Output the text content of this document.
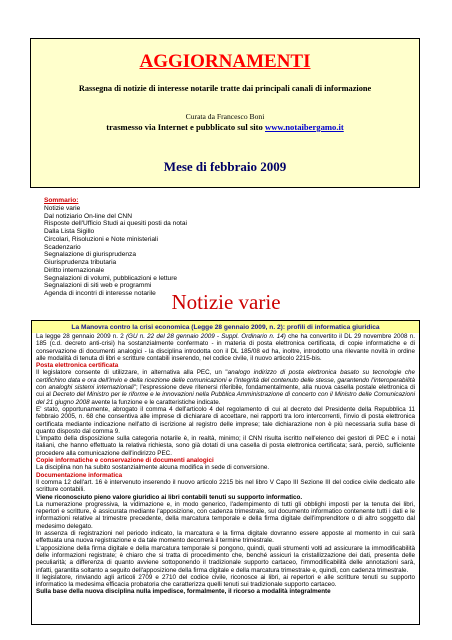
AGGIORNAMENTI
Rassegna di notizie di interesse notarile tratte dai principali canali di informazione
Curata da Francesco Boni
trasmesso via Internet e pubblicato sul sito www.notaibergamo.it
Mese di febbraio 2009
Sommario:
Notizie varie
Dal notiziario On-line del CNN
Risposte dell'Ufficio Studi ai quesiti posti da notai
Dalla Lista Sigillo
Circolari, Risoluzioni e Note ministeriali
Scadenzario
Segnalazione di giurisprudenza
Giurisprudenza tributaria
Diritto internazionale
Segnalazioni di volumi, pubblicazioni e letture
Segnalazioni di siti web e programmi
Agenda di incontri di interesse notarile Notizie varie
La Manovra contro la crisi economica (Legge 28 gennaio 2009, n. 2): profili di informatica giuridica

La legge 28 gennaio 2009 n. 2 (GU n. 22 del 28 gennaio 2009 - Suppl. Ordinario n. 14) che ha convertito il DL 29 novembre 2008 n. 185 (c.d. decreto anti-crisi) ha sostanzialmente confermato - in materia di posta elettronica certificata, di copie informatiche e di conservazione di documenti analogici - la disciplina introdotta con il DL 185/08 ed ha, inoltre, introdotto una rilevante novità in ordine alle modalità di tenuta di libri e scritture contabili inserendo, nel codice civile, il nuovo articolo 2215-bis.

Posta elettronica certificata

Il legislatore consente di utilizzare, in alternativa alla PEC, un "analogo indirizzo di posta elettronica basato su tecnologie che certifichino data e ora dell'invio e della ricezione delle comunicazioni e l'integrità del contenuto delle stesse, garantendo l'interoperabilità con analoghi sistemi internazionali"; l'espressione deve ritenersi riferibile, fondamentalmente, alla nuova casella postale elettronica di cui al Decreto del Ministro per le riforme e le innovazioni nella Pubblica Amministrazione di concerto con il Ministro delle Comunicazioni del 21 giugno 2008 avente la funzione e le caratteristiche indicate.

E' stato, opportunamente, abrogato il comma 4 dell'articolo 4 del regolamento di cui al decreto del Presidente della Repubblica 11 febbraio 2005, n. 68 che consentiva alle imprese di dichiarare di accettare, nei rapporti tra loro intercorrenti, l'invio di posta elettronica certificata mediante indicazione nell'atto di iscrizione al registro delle imprese; tale dichiarazione non è più necessaria sulla base di quanto disposto dal comma 9.

L'impatto della disposizione sulla categoria notarile è, in realtà, minimo; il CNN risulta iscritto nell'elenco dei gestori di PEC e i notai italiani, che hanno effettuato la relativa richiesta, sono già dotati di una casella di posta elettronica certificata; sarà, perciò, sufficiente procedere alla comunicazione dell'indirizzo PEC.

Copie informatiche e conservazione di documenti analogici

La disciplina non ha subito sostanzialmente alcuna modifica in sede di conversione.

Documentazione informatica

Il comma 12 dell'art. 16 è intervenuto inserendo il nuovo articolo 2215 bis nel libro V Capo III Sezione III del codice civile dedicato alle scritture contabili.

Viene riconosciuto pieno valore giuridico ai libri contabili tenuti su supporto informatico.

La numerazione progressiva, la vidimazione e, in modo generico, l'adempimento di tutti gli obblighi imposti per la tenuta dei libri, repertori e scritture, è assicurata mediante l'apposizione, con cadenza trimestrale, sul documento informatico contenente tutti i dati e le informazioni relative al trimestre precedente, della marcatura temporale e della firma digitale dell'imprenditore o di altro soggetto dal medesimo delegato.

In assenza di registrazioni nel periodo indicato, la marcatura e la firma digitale dovranno essere apposte al momento in cui sarà effettuata una nuova registrazione e da tale momento decorrerà il termine trimestrale.

L'apposizione della firma digitale e della marcatura temporale si pongono, quindi, quali strumenti volti ad assicurare la immodificabilità delle informazioni registrate; è chiaro che si tratta di procedimento che, benché assicuri la cristallizzazione dei dati, presenta delle peculiarità; a differenza di quanto avviene sottoponendo il tradizionale supporto cartaceo, l'immodificabilità delle annotazioni sarà, infatti, garantita soltanto a seguito dell'apposizione della firma digitale e della marcatura trimestrale e, quindi, con cadenza trimestrale.

Il legislatore, rinviando agli articoli 2709 e 2710 del codice civile, riconosce ai libri, ai repertori e alle scritture tenuti su supporto informatico la medesima efficacia probatoria che caratterizza quelli tenuti sui tradizionale supporto cartaceo.

Sulla base della nuova disciplina nulla impedisce, formalmente, il ricorso a modalità integralmente
